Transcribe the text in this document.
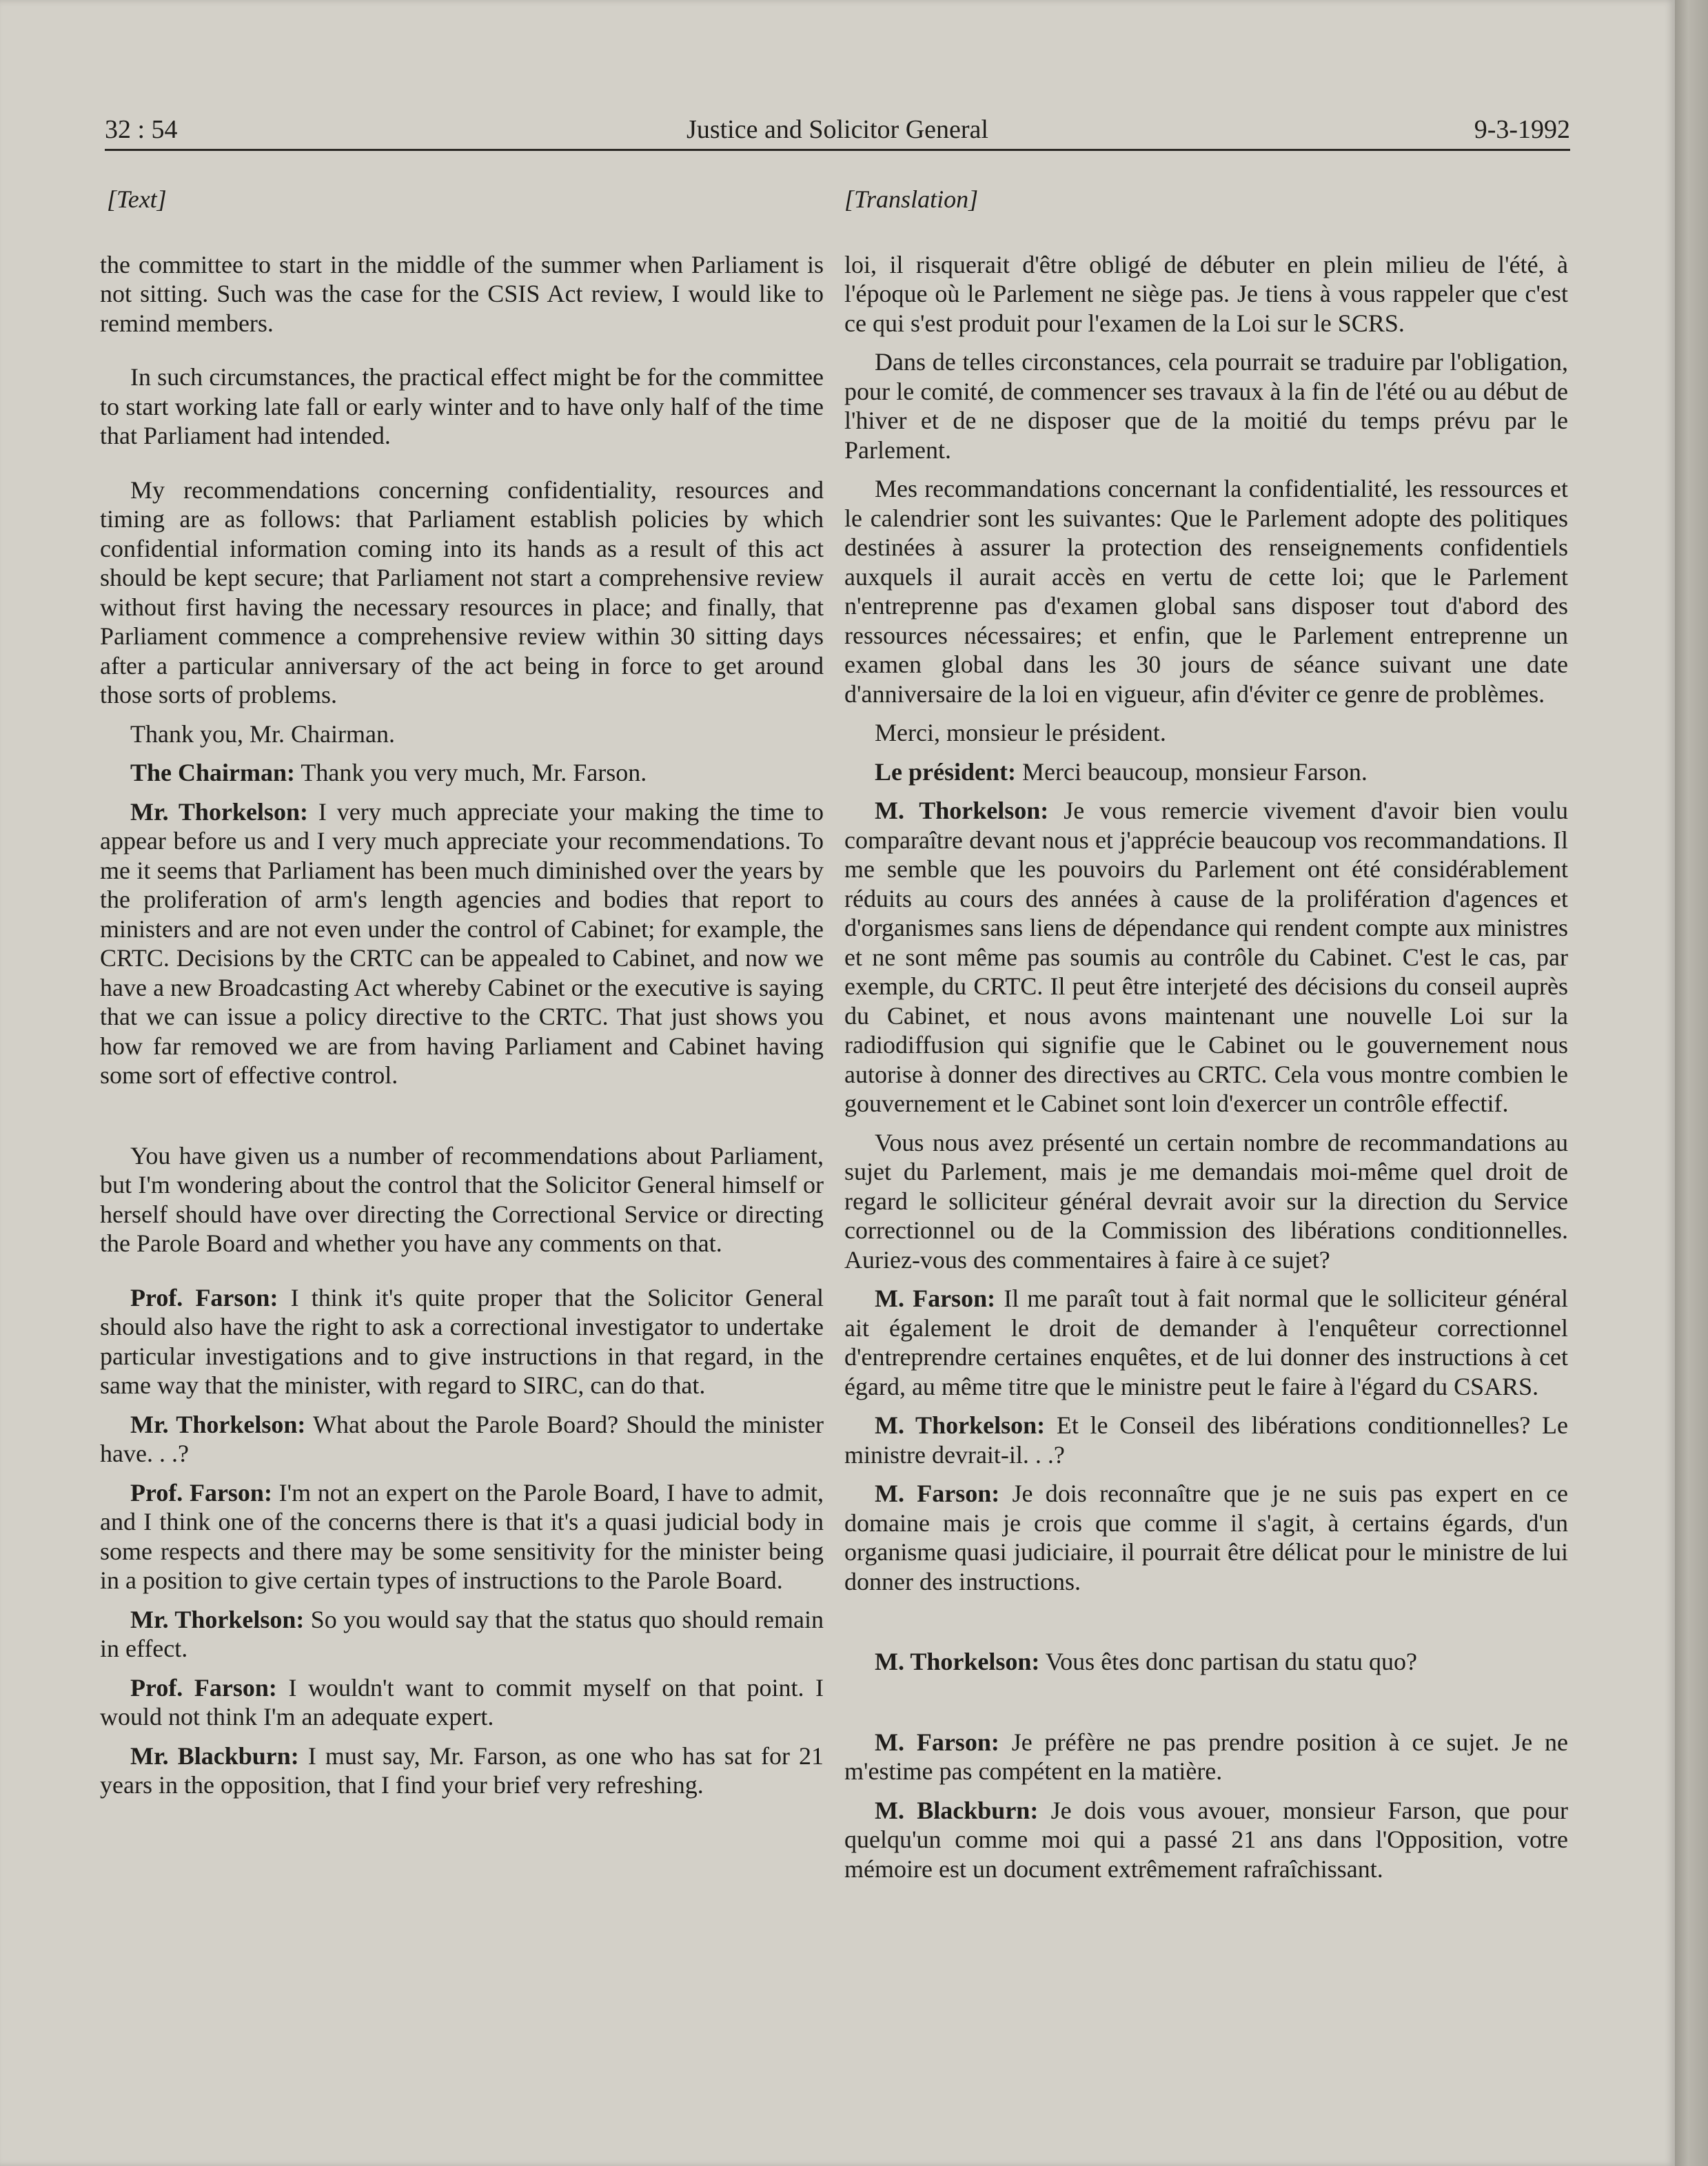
32 : 54	Justice and Solicitor General	9-3-1992
[Text]

the committee to start in the middle of the summer when Parliament is not sitting. Such was the case for the CSIS Act review, I would like to remind members.

In such circumstances, the practical effect might be for the committee to start working late fall or early winter and to have only half of the time that Parliament had intended.

My recommendations concerning confidentiality, resources and timing are as follows: that Parliament establish policies by which confidential information coming into its hands as a result of this act should be kept secure; that Parliament not start a comprehensive review without first having the necessary resources in place; and finally, that Parliament commence a comprehensive review within 30 sitting days after a particular anniversary of the act being in force to get around those sorts of problems.

Thank you, Mr. Chairman.

The Chairman: Thank you very much, Mr. Farson.

Mr. Thorkelson: I very much appreciate your making the time to appear before us and I very much appreciate your recommendations. To me it seems that Parliament has been much diminished over the years by the proliferation of arm's length agencies and bodies that report to ministers and are not even under the control of Cabinet; for example, the CRTC. Decisions by the CRTC can be appealed to Cabinet, and now we have a new Broadcasting Act whereby Cabinet or the executive is saying that we can issue a policy directive to the CRTC. That just shows you how far removed we are from having Parliament and Cabinet having some sort of effective control.

You have given us a number of recommendations about Parliament, but I'm wondering about the control that the Solicitor General himself or herself should have over directing the Correctional Service or directing the Parole Board and whether you have any comments on that.

Prof. Farson: I think it's quite proper that the Solicitor General should also have the right to ask a correctional investigator to undertake particular investigations and to give instructions in that regard, in the same way that the minister, with regard to SIRC, can do that.

Mr. Thorkelson: What about the Parole Board? Should the minister have. . .?

Prof. Farson: I'm not an expert on the Parole Board, I have to admit, and I think one of the concerns there is that it's a quasi judicial body in some respects and there may be some sensitivity for the minister being in a position to give certain types of instructions to the Parole Board.

Mr. Thorkelson: So you would say that the status quo should remain in effect.

Prof. Farson: I wouldn't want to commit myself on that point. I would not think I'm an adequate expert.

Mr. Blackburn: I must say, Mr. Farson, as one who has sat for 21 years in the opposition, that I find your brief very refreshing.

[Translation]

loi, il risquerait d'être obligé de débuter en plein milieu de l'été, à l'époque où le Parlement ne siège pas. Je tiens à vous rappeler que c'est ce qui s'est produit pour l'examen de la Loi sur le SCRS.

Dans de telles circonstances, cela pourrait se traduire par l'obligation, pour le comité, de commencer ses travaux à la fin de l'été ou au début de l'hiver et de ne disposer que de la moitié du temps prévu par le Parlement.

Mes recommandations concernant la confidentialité, les ressources et le calendrier sont les suivantes: Que le Parlement adopte des politiques destinées à assurer la protection des renseignements confidentiels auxquels il aurait accès en vertu de cette loi; que le Parlement n'entreprenne pas d'examen global sans disposer tout d'abord des ressources nécessaires; et enfin, que le Parlement entreprenne un examen global dans les 30 jours de séance suivant une date d'anniversaire de la loi en vigueur, afin d'éviter ce genre de problèmes.

Merci, monsieur le président.

Le président: Merci beaucoup, monsieur Farson.

M. Thorkelson: Je vous remercie vivement d'avoir bien voulu comparaître devant nous et j'apprécie beaucoup vos recommandations. Il me semble que les pouvoirs du Parlement ont été considérablement réduits au cours des années à cause de la prolifération d'agences et d'organismes sans liens de dépendance qui rendent compte aux ministres et ne sont même pas soumis au contrôle du Cabinet. C'est le cas, par exemple, du CRTC. Il peut être interjeté des décisions du conseil auprès du Cabinet, et nous avons maintenant une nouvelle Loi sur la radiodiffusion qui signifie que le Cabinet ou le gouvernement nous autorise à donner des directives au CRTC. Cela vous montre combien le gouvernement et le Cabinet sont loin d'exercer un contrôle effectif.

Vous nous avez présenté un certain nombre de recommandations au sujet du Parlement, mais je me demandais moi-même quel droit de regard le solliciteur général devrait avoir sur la direction du Service correctionnel ou de la Commission des libérations conditionnelles. Auriez-vous des commentaires à faire à ce sujet?

M. Farson: Il me paraît tout à fait normal que le solliciteur général ait également le droit de demander à l'enquêteur correctionnel d'entreprendre certaines enquêtes, et de lui donner des instructions à cet égard, au même titre que le ministre peut le faire à l'égard du CSARS.

M. Thorkelson: Et le Conseil des libérations conditionnelles? Le ministre devrait-il. . .?

M. Farson: Je dois reconnaître que je ne suis pas expert en ce domaine mais je crois que comme il s'agit, à certains égards, d'un organisme quasi judiciaire, il pourrait être délicat pour le ministre de lui donner des instructions.

M. Thorkelson: Vous êtes donc partisan du statu quo?

M. Farson: Je préfère ne pas prendre position à ce sujet. Je ne m'estime pas compétent en la matière.

M. Blackburn: Je dois vous avouer, monsieur Farson, que pour quelqu'un comme moi qui a passé 21 ans dans l'Opposition, votre mémoire est un document extrêmement rafraîchissant.
